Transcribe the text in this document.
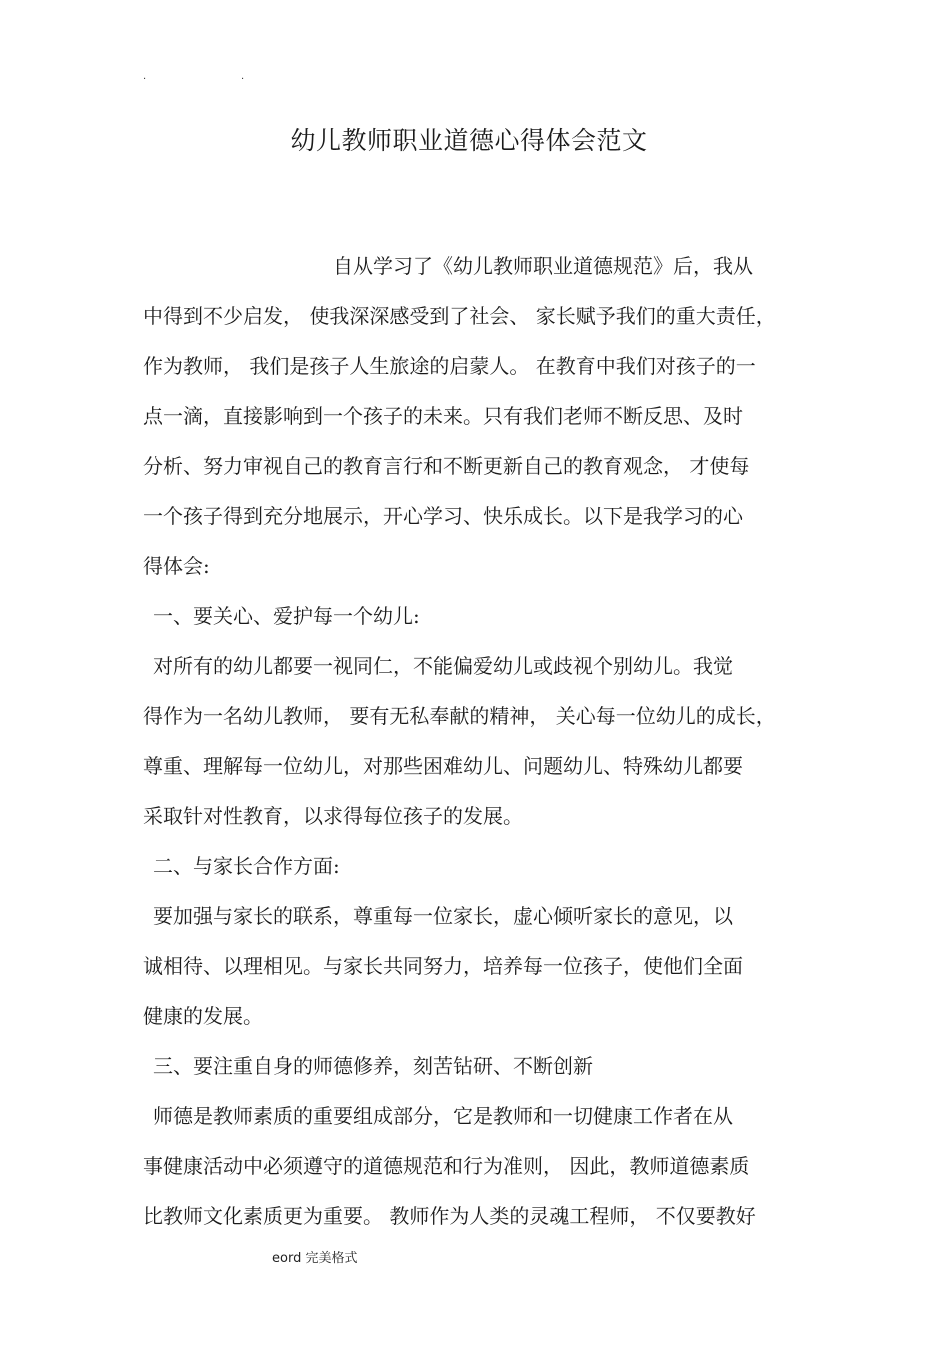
.	.
幼儿教师职业道德心得体会范文
自从学习了《幼儿教师职业道德规范》后，我从
中得到不少启发， 使我深深感受到了社会、 家长赋予我们的重大责任，
作为教师， 我们是孩子人生旅途的启蒙人。 在教育中我们对孩子的一
点一滴，直接影响到一个孩子的未来。只有我们老师不断反思、及时
分析、努力审视自己的教育言行和不断更新自己的教育观念， 才使每
一个孩子得到充分地展示，开心学习、快乐成长。以下是我学习的心
得体会:
一、要关心、爱护每一个幼儿:
对所有的幼儿都要一视同仁，不能偏爱幼儿或歧视个别幼儿。我觉
得作为一名幼儿教师， 要有无私奉献的精神， 关心每一位幼儿的成长，
尊重、理解每一位幼儿，对那些困难幼儿、问题幼儿、特殊幼儿都要
采取针对性教育，以求得每位孩子的发展。
二、与家长合作方面:
要加强与家长的联系，尊重每一位家长，虚心倾听家长的意见，以
诚相待、以理相见。与家长共同努力，培养每一位孩子，使他们全面
健康的发展。
三、要注重自身的师德修养，刻苦钻研、不断创新
师德是教师素质的重要组成部分，它是教师和一切健康工作者在从
事健康活动中必须遵守的道德规范和行为准则， 因此，教师道德素质
比教师文化素质更为重要。 教师作为人类的灵魂工程师， 不仅要教好
eord 完美格式
